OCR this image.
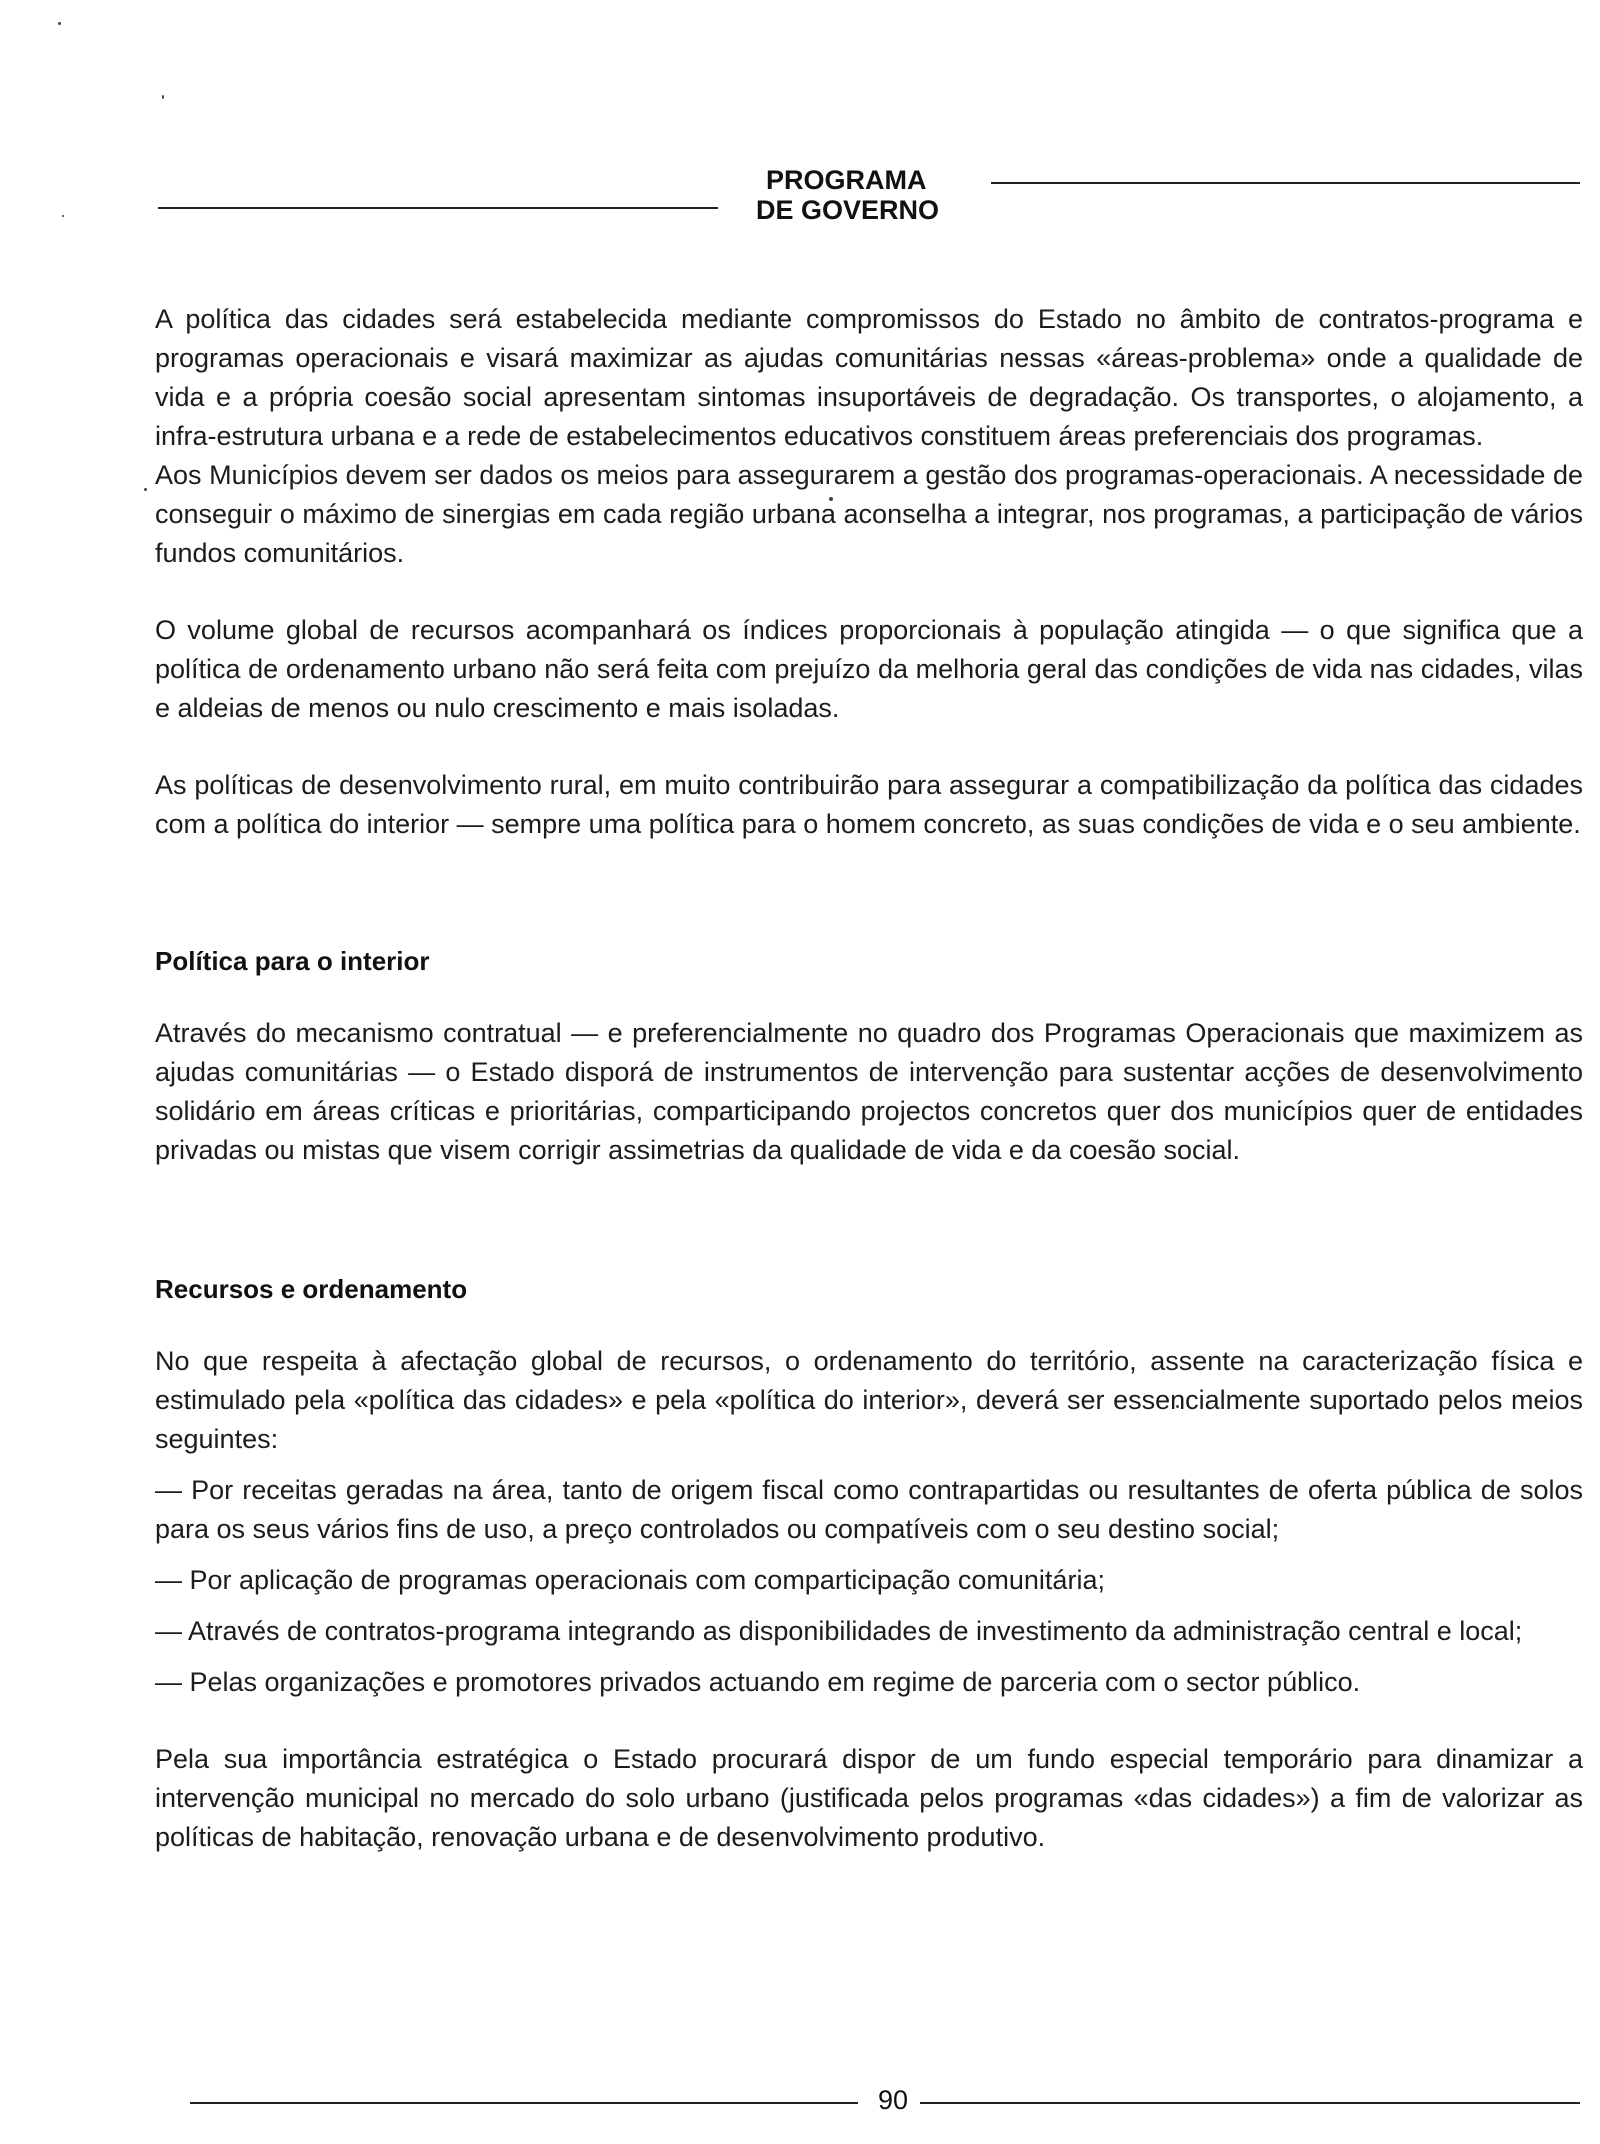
PROGRAMA
DE GOVERNO

A política das cidades será estabelecida mediante compromissos do Estado no âmbito de contratos-programa e programas operacionais e visará maximizar as ajudas comunitárias nessas «áreas-problema» onde a qualidade de vida e a própria coesão social apresentam sintomas insuportáveis de degradação. Os transportes, o alojamento, a infra-estrutura urbana e a rede de estabelecimentos educativos constituem áreas preferenciais dos programas.

Aos Municípios devem ser dados os meios para assegurarem a gestão dos programas-operacionais. A necessidade de conseguir o máximo de sinergias em cada região urbana aconselha a integrar, nos programas, a participação de vários fundos comunitários.

O volume global de recursos acompanhará os índices proporcionais à população atingida — o que significa que a política de ordenamento urbano não será feita com prejuízo da melhoria geral das condições de vida nas cidades, vilas e aldeias de menos ou nulo crescimento e mais isoladas.

As políticas de desenvolvimento rural, em muito contribuirão para assegurar a compatibilização da política das cidades com a política do interior — sempre uma política para o homem concreto, as suas condições de vida e o seu ambiente.

Política para o interior

Através do mecanismo contratual — e preferencialmente no quadro dos Programas Operacionais que maximizem as ajudas comunitárias — o Estado disporá de instrumentos de intervenção para sustentar acções de desenvolvimento solidário em áreas críticas e prioritárias, comparticipando projectos concretos quer dos municípios quer de entidades privadas ou mistas que visem corrigir assimetrias da qualidade de vida e da coesão social.

Recursos e ordenamento

No que respeita à afectação global de recursos, o ordenamento do território, assente na caracterização física e estimulado pela «política das cidades» e pela «política do interior», deverá ser essencialmente suportado pelos meios seguintes:

— Por receitas geradas na área, tanto de origem fiscal como contrapartidas ou resultantes de oferta pública de solos para os seus vários fins de uso, a preço controlados ou compatíveis com o seu destino social;

— Por aplicação de programas operacionais com comparticipação comunitária;

— Através de contratos-programa integrando as disponibilidades de investimento da administração central e local;

— Pelas organizações e promotores privados actuando em regime de parceria com o sector público.

Pela sua importância estratégica o Estado procurará dispor de um fundo especial temporário para dinamizar a intervenção municipal no mercado do solo urbano (justificada pelos programas «das cidades») a fim de valorizar as políticas de habitação, renovação urbana e de desenvolvimento produtivo.

90
